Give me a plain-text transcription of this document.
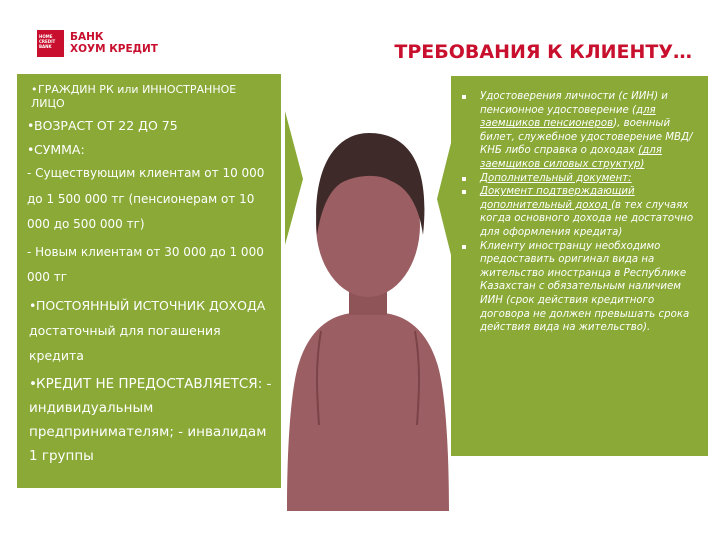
HOME
CREDIT
BANK
БАНК
ХОУМ КРЕДИТ	ТРЕБОВАНИЯ К КЛИЕНТУ…
•ГРАЖДИН РК или ИННОСТРАННОЕ ЛИЦО
•ВОЗРАСТ ОТ 22 ДО 75
•СУММА:
- Существующим клиентам от 10 000 до 1 500 000 тг (пенсионерам от 10 000 до 500 000 тг)
- Новым клиентам от 30 000 до 1 000 000 тг
•ПОСТОЯННЫЙ ИСТОЧНИК ДОХОДА достаточный для погашения кредита
•КРЕДИТ НЕ ПРЕДОСТАВЛЯЕТСЯ: - индивидуальным предпринимателям; - инвалидам 1 группы
Удостоверения личности (с ИИН) и пенсионное удостоверение (для заемщиков пенсионеров), военный билет, служебное удостоверение МВД/КНБ либо справка о доходах (для заемщиков силовых структур)
Дополнительный документ:
Документ подтверждающий дополнительный доход (в тех случаях когда основного дохода не достаточно для оформления кредита)
Клиенту иностранцу необходимо предоставить оригинал вида на жительство иностранца в Республике Казахстан с обязательным наличием ИИН (срок действия кредитного договора не должен превышать срока действия вида на жительство).
